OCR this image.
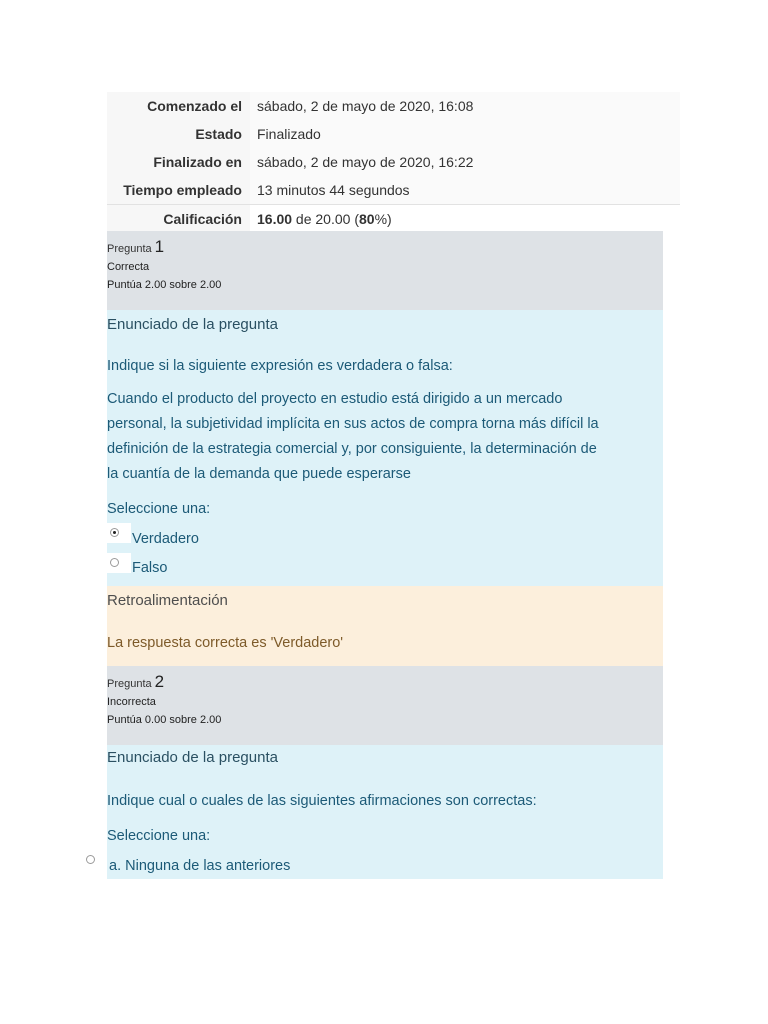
Comenzado el	sábado, 2 de mayo de 2020, 16:08
Estado	Finalizado
Finalizado en	sábado, 2 de mayo de 2020, 16:22
Tiempo empleado	13 minutos 44 segundos
Calificación	16.00 de 20.00 (80%)
Pregunta 1
Correcta
Puntúa 2.00 sobre 2.00
Enunciado de la pregunta
Indique si la siguiente expresión es verdadera o falsa:
Cuando el producto del proyecto en estudio está dirigido a un mercado
personal, la subjetividad implícita en sus actos de compra torna más difícil la
definición de la estrategia comercial y, por consiguiente, la determinación de
la cuantía de la demanda que puede esperarse
Seleccione una:
Verdadero
Falso
Retroalimentación
La respuesta correcta es 'Verdadero'
Pregunta 2
Incorrecta
Puntúa 0.00 sobre 2.00
Enunciado de la pregunta
Indique cual o cuales de las siguientes afirmaciones son correctas:
Seleccione una:
a. Ninguna de las anteriores
